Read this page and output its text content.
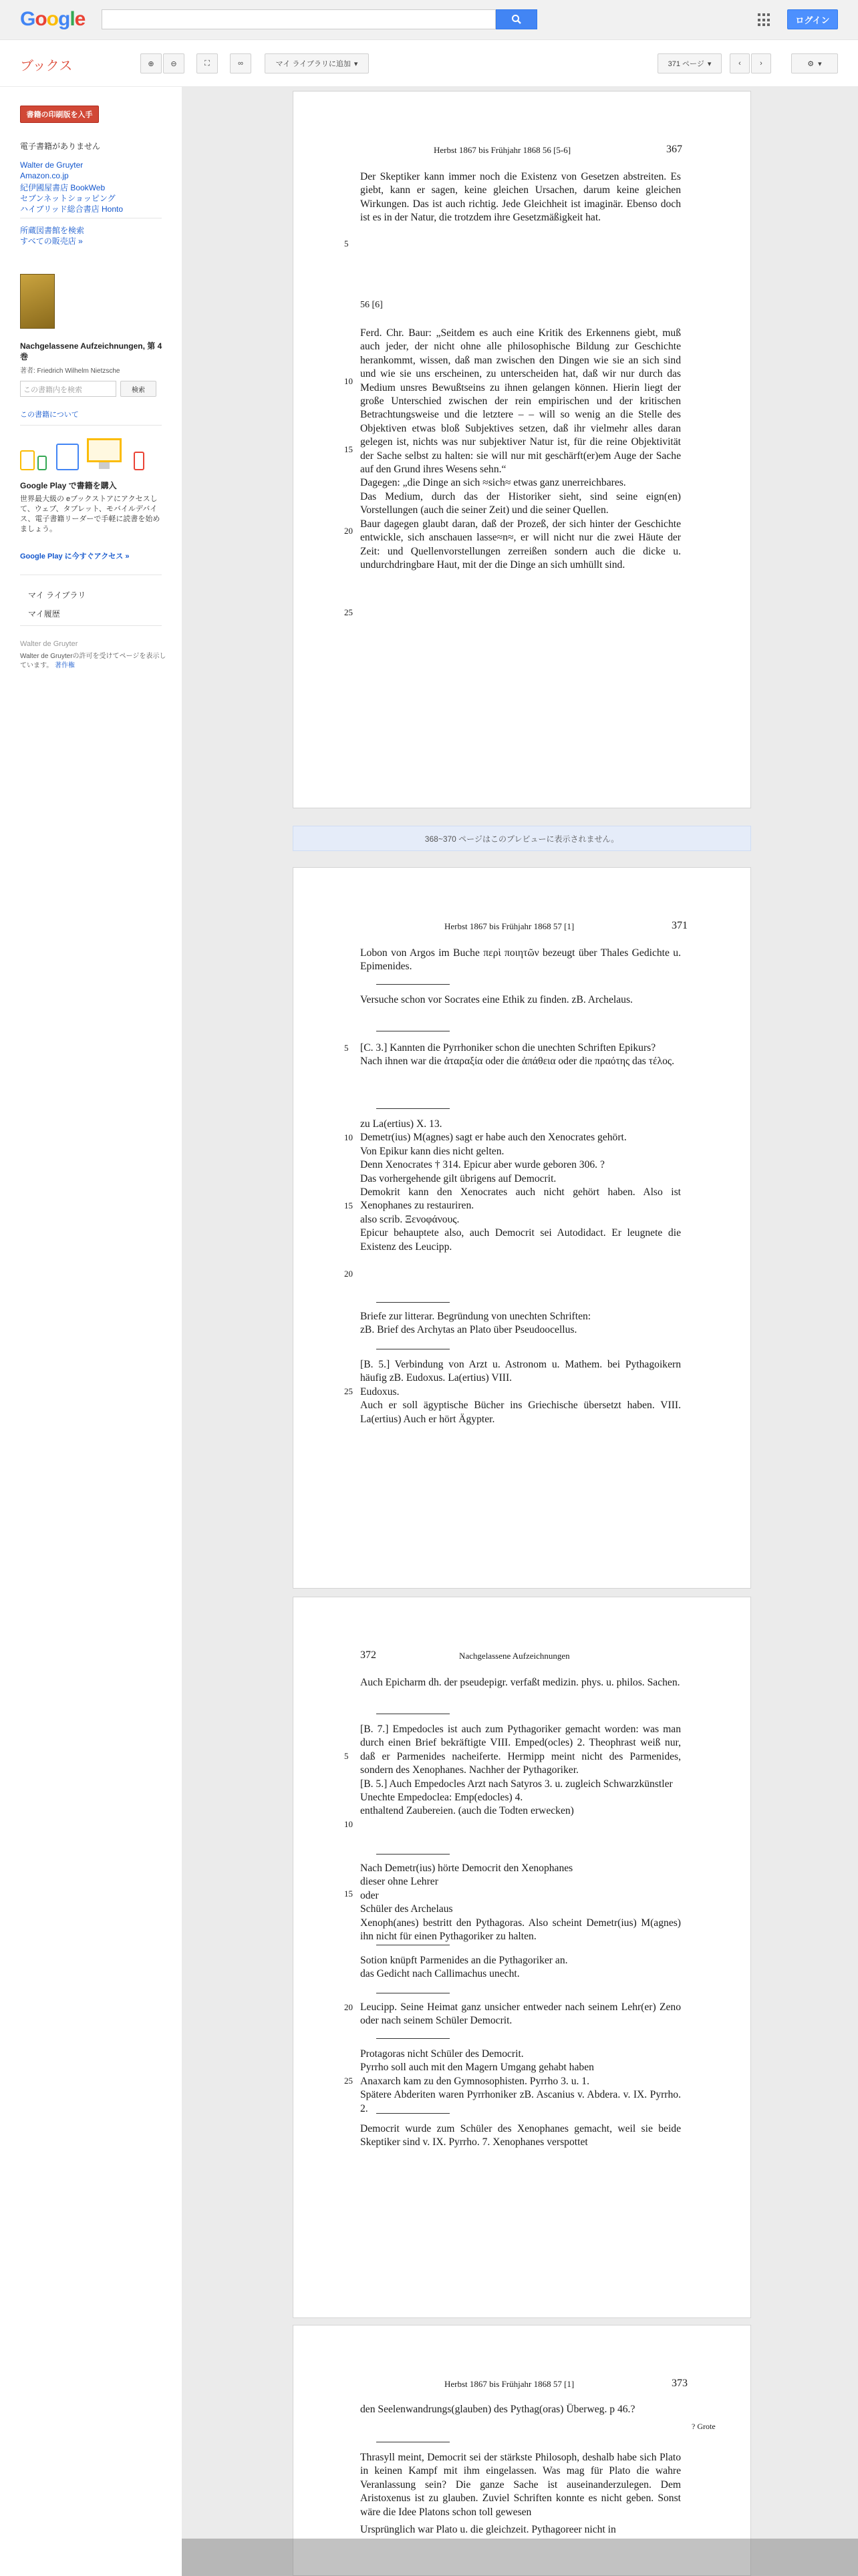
Google	ログイン
ブックス	⊕ ⊖	⛶	∞	マイ ライブラリに追加 ▾	371 ページ ▾	‹	›	⚙ ▾
書籍の印刷版を入手
電子書籍がありません
Walter de Gruyter
Amazon.co.jp
紀伊國屋書店 BookWeb
セブンネットショッピング
ハイブリッド総合書店 Honto
所蔵図書館を検索
すべての販売店 »
Nachgelassene Aufzeichnungen, 第 4 巻
著者: Friedrich Wilhelm Nietzsche
この書籍内を検索	検索
この書籍について
Google Play で書籍を購入
世界最大級の eブックストアにアクセスして、ウェブ、タブレット、モバイルデバイス、電子書籍リーダーで手軽に読書を始めましょう。
Google Play に今すぐアクセス »
マイ ライブラリ
マイ履歴
Walter de Gruyter
Walter de Gruyterの許可を受けてページを表示しています。 著作権
Herbst 1867 bis Frühjahr 1868 56 [5-6]	367
Der Skeptiker kann immer noch die Existenz von Gesetzen abstreiten. Es giebt, kann er sagen, keine gleichen Ursachen, darum keine gleichen Wirkungen. Das ist auch richtig. Jede Gleichheit ist imaginär. Ebenso doch ist es in der Natur, die trotzdem ihre Gesetzmäßigkeit hat.
5
56 [6]
Ferd. Chr. Baur: „Seitdem es auch eine Kritik des Erkennens giebt, muß auch jeder, der nicht ohne alle philosophische Bildung zur Geschichte herankommt, wissen, daß man zwischen den Dingen wie sie an sich sind und wie sie uns erscheinen, zu unterscheiden hat, daß wir nur durch das Medium unsres Bewußtseins zu ihnen gelangen können. Hierin liegt der große Unterschied zwischen der rein empirischen und der kritischen Betrachtungsweise und die letztere – – will so wenig an die Stelle des Objektiven etwas bloß Subjektives setzen, daß ihr vielmehr alles daran gelegen ist, nichts was nur subjektiver Natur ist, für die reine Objektivität der Sache selbst zu halten: sie will nur mit geschärft(er)em Auge der Sache auf den Grund ihres Wesens sehn.“
Dagegen: „die Dinge an sich ≈sich≈ etwas ganz unerreichbares.
Das Medium, durch das der Historiker sieht, sind seine eign(en) Vorstellungen (auch die seiner Zeit) und die seiner Quellen.
Baur dagegen glaubt daran, daß der Prozeß, der sich hinter der Geschichte entwickle, sich anschauen lasse≈n≈, er will nicht nur die zwei Häute der Zeit: und Quellenvorstellungen zerreißen sondern auch die dicke u. undurchdringbare Haut, mit der die Dinge an sich umhüllt sind.
10
15
20
25
368~370 ページはこのプレビューに表示されません。
Herbst 1867 bis Frühjahr 1868 57 [1]	371
Lobon von Argos im Buche περὶ ποιητῶν bezeugt über Thales Gedichte u. Epimenides.
Versuche schon vor Socrates eine Ethik zu finden. zB. Archelaus.
[C. 3.] Kannten die Pyrrhoniker schon die unechten Schriften Epikurs?
Nach ihnen war die ἀταραξία oder die ἀπάθεια oder die πραότης das τέλος.
5
zu La(ertius) X. 13.
Demetr(ius) M(agnes) sagt er habe auch den Xenocrates gehört.
Von Epikur kann dies nicht gelten.
Denn Xenocrates † 314. Epicur aber wurde geboren 306. ?
Das vorhergehende gilt übrigens auf Democrit.
Demokrit kann den Xenocrates auch nicht gehört haben. Also ist Xenophanes zu restauriren.
also scrib. Ξενοφάνους.
Epicur behauptete also, auch Democrit sei Autodidact. Er leugnete die Existenz des Leucipp.
10
15
20
Briefe zur litterar. Begründung von unechten Schriften:
zB. Brief des Archytas an Plato über Pseudoocellus.
[B. 5.] Verbindung von Arzt u. Astronom u. Mathem. bei Pythagoikern häufig zB. Eudoxus. La(ertius) VIII.
Eudoxus.
Auch er soll ägyptische Bücher ins Griechische übersetzt haben. VIII. La(ertius) Auch er hört Ägypter.
25
372	Nachgelassene Aufzeichnungen
Auch Epicharm dh. der pseudepigr. verfaßt medizin. phys. u. philos. Sachen.
[B. 7.] Empedocles ist auch zum Pythagoriker gemacht worden: was man durch einen Brief bekräftigte VIII. Emped(ocles) 2. Theophrast weiß nur, daß er Parmenides nacheiferte. Hermipp meint nicht des Parmenides, sondern des Xenophanes. Nachher der Pythagoriker.
[B. 5.] Auch Empedocles Arzt nach Satyros 3. u. zugleich Schwarzkünstler
Unechte Empedoclea: Emp(edocles) 4.
enthaltend Zaubereien. (auch die Todten erwecken)
5
10
Nach Demetr(ius) hörte Democrit den Xenophanes
dieser ohne Lehrer
oder
Schüler des Archelaus
Xenoph(anes) bestritt den Pythagoras. Also scheint Demetr(ius) M(agnes) ihn nicht für einen Pythagoriker zu halten.
15
Sotion knüpft Parmenides an die Pythagoriker an.
das Gedicht nach Callimachus unecht.
Leucipp. Seine Heimat ganz unsicher entweder nach seinem Lehr(er) Zeno oder nach seinem Schüler Democrit.
20
Protagoras nicht Schüler des Democrit.
Pyrrho soll auch mit den Magern Umgang gehabt haben
Anaxarch kam zu den Gymnosophisten. Pyrrho 3. u. 1.
Spätere Abderiten waren Pyrrhoniker zB. Ascanius v. Abdera. v. IX. Pyrrho. 2.
25
Democrit wurde zum Schüler des Xenophanes gemacht, weil sie beide Skeptiker sind v. IX. Pyrrho. 7. Xenophanes verspottet
Herbst 1867 bis Frühjahr 1868 57 [1]	373
den Seelenwandrungs(glauben) des Pythag(oras) Überweg. p 46.?
? Grote
Thrasyll meint, Democrit sei der stärkste Philosoph, deshalb habe sich Plato in keinen Kampf mit ihm eingelassen. Was mag für Plato die wahre Veranlassung sein? Die ganze Sache ist auseinanderzulegen. Dem Aristoxenus ist zu glauben. Zuviel Schriften konnte es nicht geben. Sonst wäre die Idee Platons schon toll gewesen
Ursprünglich war Plato u. die gleichzeit. Pythagoreer nicht in
